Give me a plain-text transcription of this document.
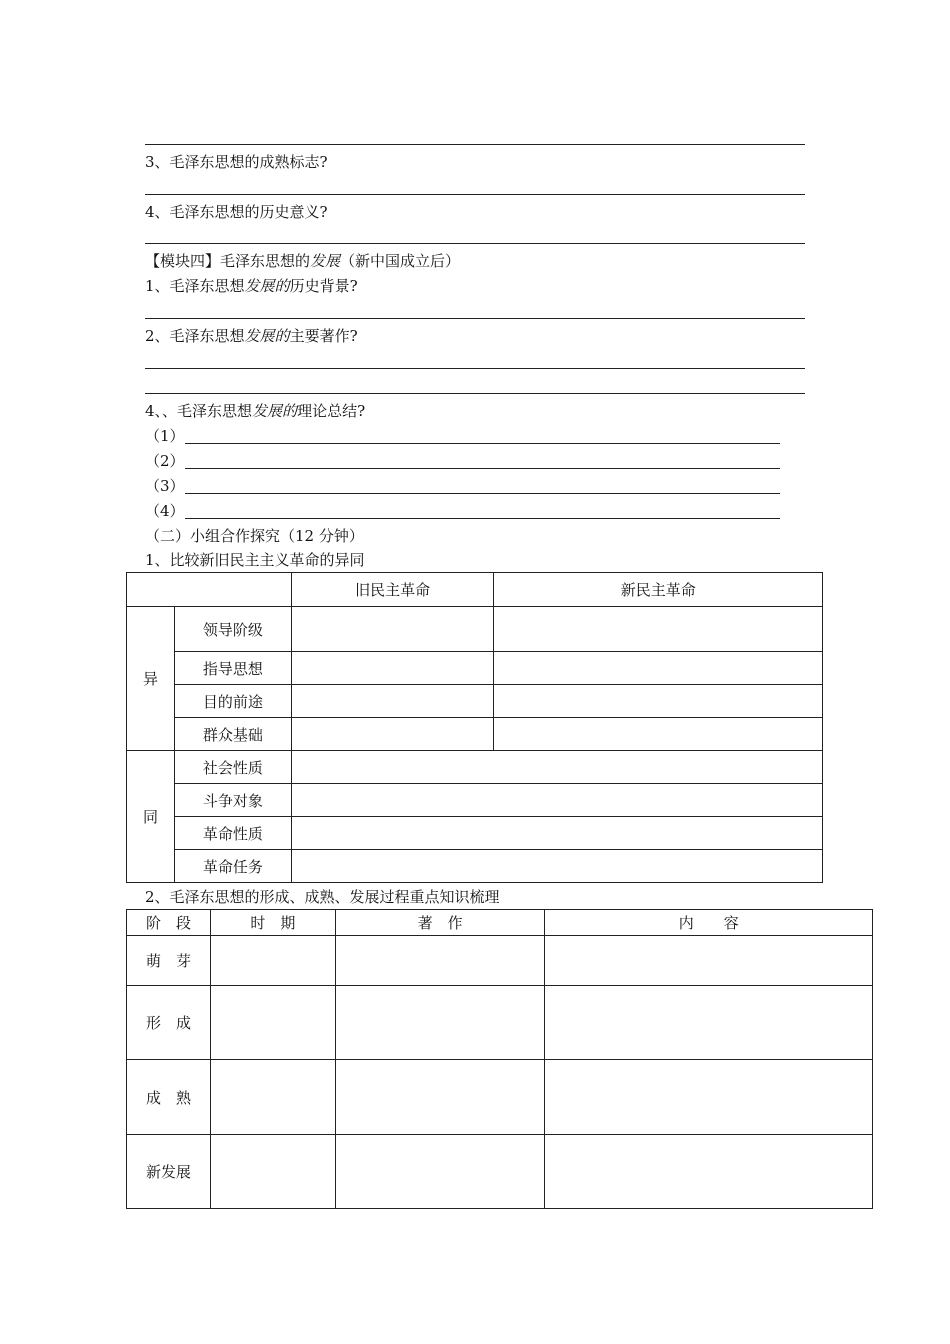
3、毛泽东思想的成熟标志?
4、毛泽东思想的历史意义?
【模块四】毛泽东思想的发展（新中国成立后）
1、毛泽东思想发展的历史背景?
2、毛泽东思想发展的主要著作?
4、、毛泽东思想发展的理论总结?
（1）
（2）
（3）
（4）
（二）小组合作探究（12 分钟）
1、比较新旧民主主义革命的异同
		旧民主革命	新民主革命
异	领导阶级		
	指导思想		
	目的前途		
	群众基础		
同	社会性质		
	斗争对象		
	革命性质		
	革命任务		
2、毛泽东思想的形成、成熟、发展过程重点知识梳理
阶　段	时　期	著　作	内　　容
萌　芽			
形　成			
成　熟			
新发展			
